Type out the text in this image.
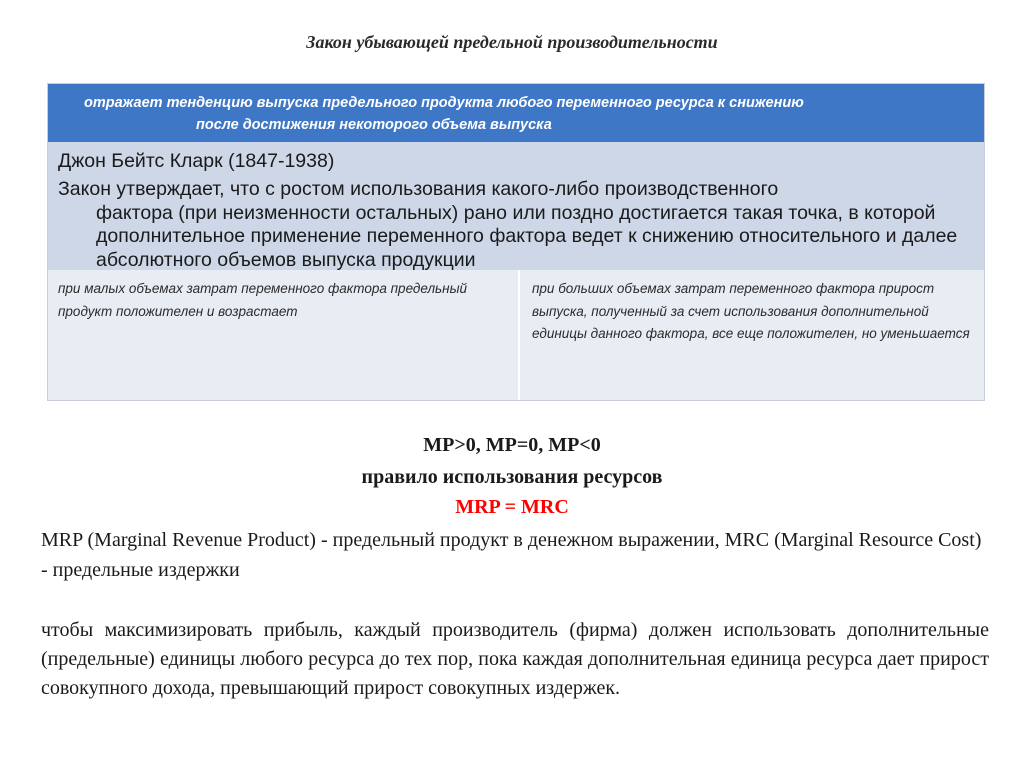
Закон убывающей предельной производительности
отражает тенденцию выпуска предельного продукта любого переменного ресурса к снижению
после достижения некоторого объема выпуска
Джон Бейтс Кларк (1847-1938)
Закон утверждает, что с ростом использования какого-либо производственного
фактора (при неизменности остальных) рано или поздно достигается такая точка, в которой дополнительное применение переменного фактора ведет к снижению относительного и далее абсолютного объемов выпуска продукции
при малых объемах затрат переменного фактора предельный продукт положителен и возрастает
при больших объемах затрат переменного фактора прирост выпуска, полученный за счет использования дополнительной единицы данного фактора, все еще положителен, но уменьшается
MP>0, MP=0, MP<0
правило использования ресурсов
MRP = MRC
MRP (Marginal Revenue Product) - предельный продукт в денежном выражении, MRC (Marginal Resource Cost) - предельные издержки
чтобы максимизировать прибыль, каждый производитель (фирма) должен использовать дополнительные (предельные) единицы любого ресурса до тех пор, пока каждая дополнительная единица ресурса дает прирост совокупного дохода, превышающий прирост совокупных издержек.
